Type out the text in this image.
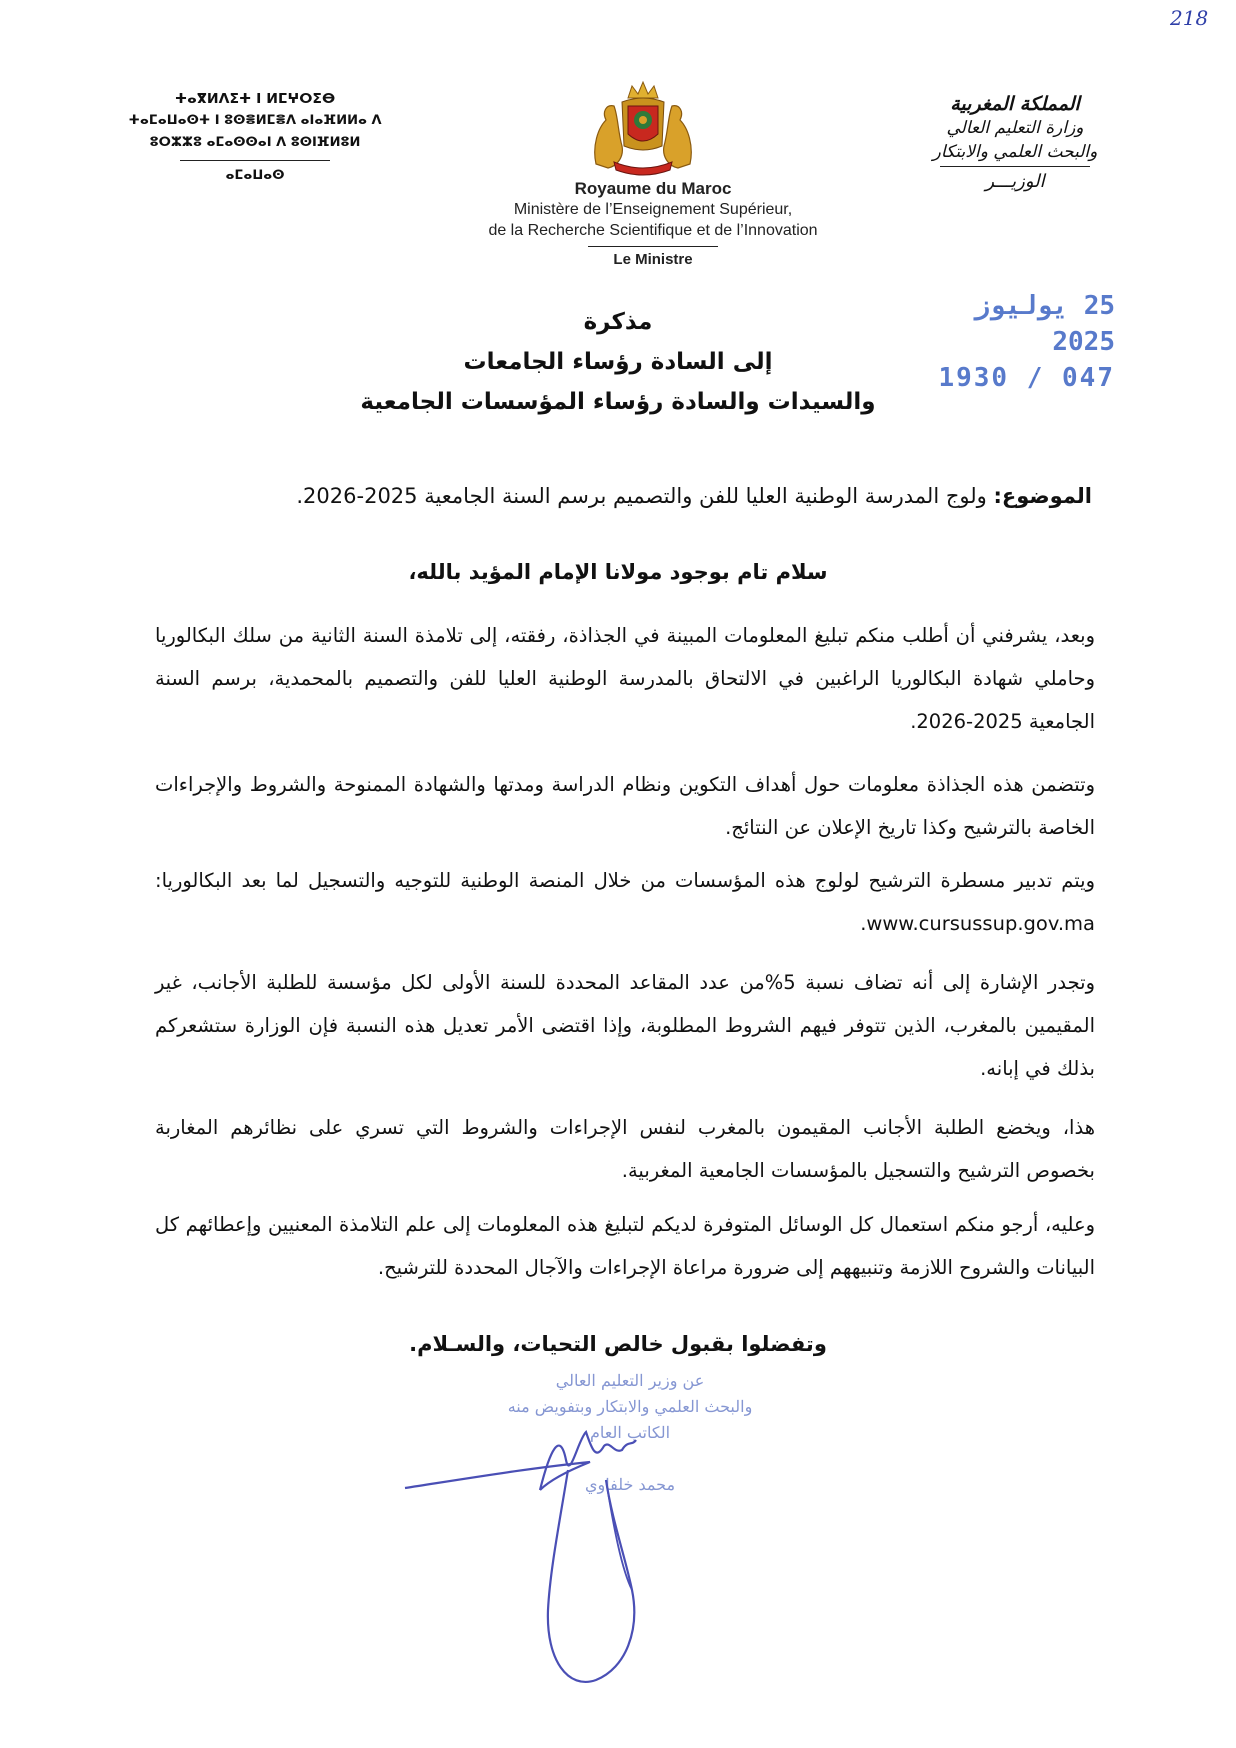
218
ⵜⴰⴳⵍⴷⵉⵜ ⵏ ⵍⵎⵖⵔⵉⴱ
ⵜⴰⵎⴰⵡⴰⵙⵜ ⵏ ⵓⵙⴻⵍⵎⴻⴷ ⴰⵏⴰⴼⵍⵍⴰ ⴷ
ⵓⵔⵣⵣⵓ ⴰⵎⴰⵙⵙⴰⵏ ⴷ ⵓⵙⵏⴼⵍⵓⵍ
ⴰⵎⴰⵡⴰⵙ
المملكة المغربية
وزارة التعليم العالي
والبحث العلمي والابتكار
الوزيـــر
Royaume du Maroc
Ministère de l’Enseignement Supérieur,
de la Recherche Scientifique et de l’Innovation
Le Ministre
25 يوليوز 2025
1930 / 047
مذكرة
إلى السادة رؤساء الجامعات
والسيدات والسادة رؤساء المؤسسات الجامعية
الموضوع: ولوج المدرسة الوطنية العليا للفن والتصميم برسم السنة الجامعية 2025-2026.
سلام تام بوجود مولانا الإمام المؤيد بالله،
وبعد، يشرفني أن أطلب منكم تبليغ المعلومات المبينة في الجذاذة، رفقته، إلى تلامذة السنة الثانية من سلك البكالوريا وحاملي شهادة البكالوريا الراغبين في الالتحاق بالمدرسة الوطنية العليا للفن والتصميم بالمحمدية، برسم السنة الجامعية 2025-2026.
وتتضمن هذه الجذاذة معلومات حول أهداف التكوين ونظام الدراسة ومدتها والشهادة الممنوحة والشروط والإجراءات الخاصة بالترشيح وكذا تاريخ الإعلان عن النتائج.
ويتم تدبير مسطرة الترشيح لولوج هذه المؤسسات من خلال المنصة الوطنية للتوجيه والتسجيل لما بعد البكالوريا: www.cursussup.gov.ma.
وتجدر الإشارة إلى أنه تضاف نسبة 5%من عدد المقاعد المحددة للسنة الأولى لكل مؤسسة للطلبة الأجانب، غير المقيمين بالمغرب، الذين تتوفر فيهم الشروط المطلوبة، وإذا اقتضى الأمر تعديل هذه النسبة فإن الوزارة ستشعركم بذلك في إبانه.
هذا، ويخضع الطلبة الأجانب المقيمون بالمغرب لنفس الإجراءات والشروط التي تسري على نظائرهم المغاربة بخصوص الترشيح والتسجيل بالمؤسسات الجامعية المغربية.
وعليه، أرجو منكم استعمال كل الوسائل المتوفرة لديكم لتبليغ هذه المعلومات إلى علم التلامذة المعنيين وإعطائهم كل البيانات والشروح اللازمة وتنبيههم إلى ضرورة مراعاة الإجراءات والآجال المحددة للترشيح.
وتفضلوا بقبول خالص التحيات، والسـلام.
عن وزير التعليم العالي
والبحث العلمي والابتكار وبتفويض منه
الكاتب العام
محمد خلفاوي
